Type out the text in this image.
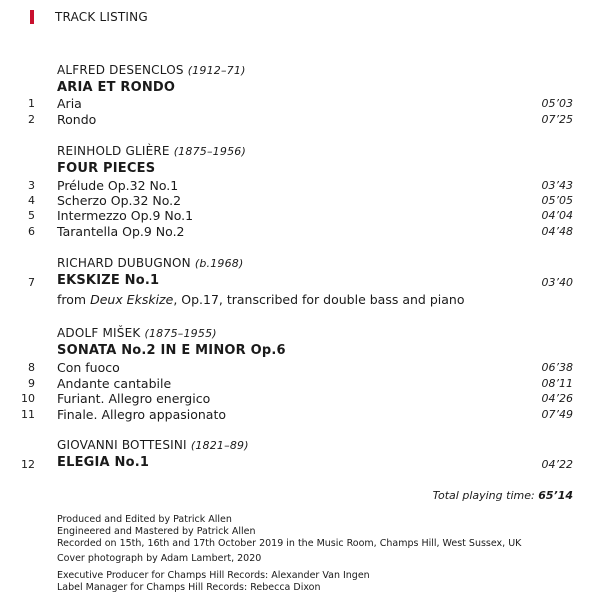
TRACK LISTING
ALFRED DESENCLOS (1912–71)
ARIA ET RONDO
1 Aria	05’03
2 Rondo	07’25
REINHOLD GLIÈRE (1875–1956)
FOUR PIECES
3 Prélude Op.32 No.1	03’43
4 Scherzo Op.32 No.2	05’05
5 Intermezzo Op.9 No.1	04’04
6 Tarantella Op.9 No.2	04’48
RICHARD DUBUGNON (b.1968)
7 EKSKIZE No.1	03’40
from Deux Ekskize, Op.17, transcribed for double bass and piano
ADOLF MIŠEK (1875–1955)
SONATA No.2 IN E MINOR Op.6
8 Con fuoco	06’38
9 Andante cantabile	08’11
10 Furiant. Allegro energico	04’26
11 Finale. Allegro appasionato	07’49
GIOVANNI BOTTESINI (1821–89)
12 ELEGIA No.1	04’22
Total playing time: 65’14
Produced and Edited by Patrick Allen
Engineered and Mastered by Patrick Allen
Recorded on 15th, 16th and 17th October 2019 in the Music Room, Champs Hill, West Sussex, UK
Cover photograph by Adam Lambert, 2020
Executive Producer for Champs Hill Records: Alexander Van Ingen
Label Manager for Champs Hill Records: Rebecca Dixon
